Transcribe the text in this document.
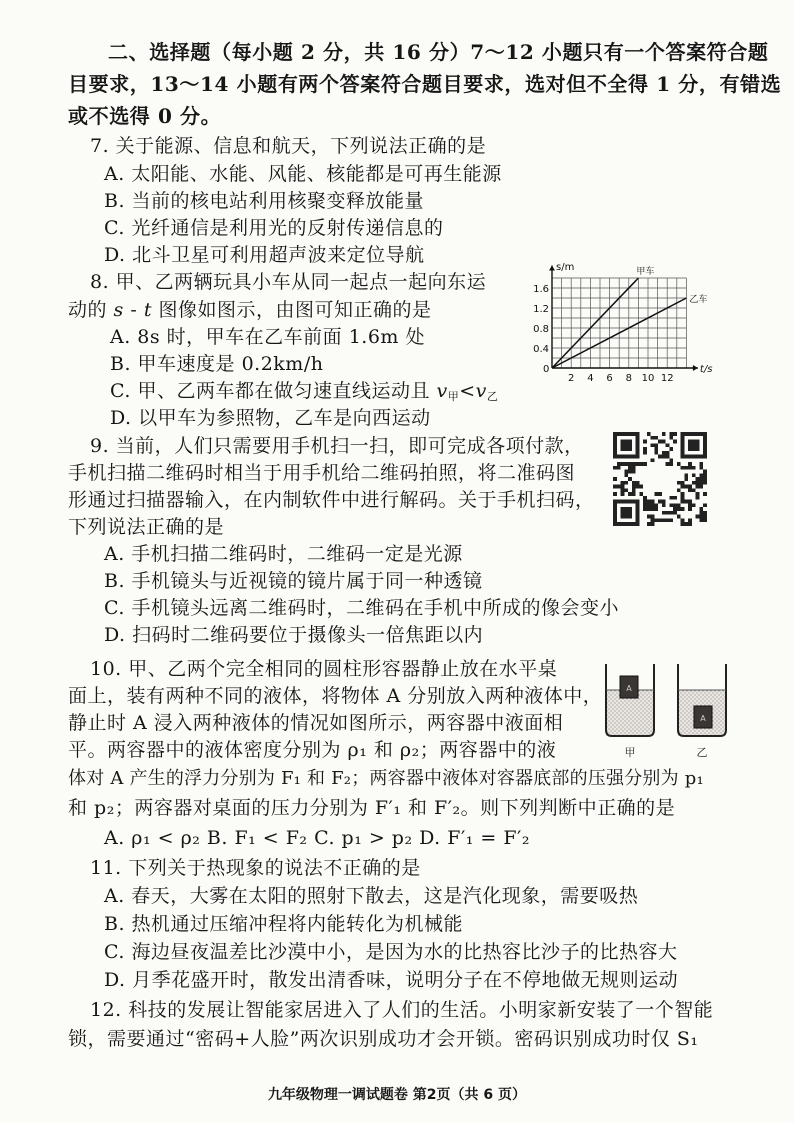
二、选择题（每小题 2 分，共 16 分）7～12 小题只有一个答案符合题
目要求，13～14 小题有两个答案符合题目要求，选对但不全得 1 分，有错选
或不选得 0 分。
7. 关于能源、信息和航天，下列说法正确的是
A. 太阳能、水能、风能、核能都是可再生能源
B. 当前的核电站利用核聚变释放能量
C. 光纤通信是利用光的反射传递信息的
D. 北斗卫星可利用超声波来定位导航
8. 甲、乙两辆玩具小车从同一起点一起向东运
动的 s - t 图像如图示，由图可知正确的是
A. 8s 时，甲车在乙车前面 1.6m 处
B. 甲车速度是 0.2km/h
C. 甲、乙两车都在做匀速直线运动且 $v_甲<v_乙$
D. 以甲车为参照物，乙车是向西运动
s/m
t/s
0
2 4 6 8 10 12
0.4
0.8
1.2
1.6
甲车
乙车
9. 当前，人们只需要用手机扫一扫，即可完成各项付款，
手机扫描二维码时相当于用手机给二维码拍照，将二准码图
形通过扫描器输入，在内制软件中进行解码。关于手机扫码，
下列说法正确的是
A. 手机扫描二维码时，二维码一定是光源
B. 手机镜头与近视镜的镜片属于同一种透镜
C. 手机镜头远离二维码时，二维码在手机中所成的像会变小
D. 扫码时二维码要位于摄像头一倍焦距以内
10. 甲、乙两个完全相同的圆柱形容器静止放在水平桌
面上，装有两种不同的液体，将物体 A 分别放入两种液体中，
静止时 A 浸入两种液体的情况如图所示，两容器中液面相
平。两容器中的液体密度分别为 ρ₁ 和 ρ₂；两容器中的液
体对 A 产生的浮力分别为 F₁ 和 F₂；两容器中液体对容器底部的压强分别为 p₁
和 p₂；两容器对桌面的压力分别为 F′₁ 和 F′₂。则下列判断中正确的是
A. ρ₁ < ρ₂ B. F₁ < F₂ C. p₁ > p₂ D. F′₁ = F′₂
A
A
甲	乙
11. 下列关于热现象的说法不正确的是
A. 春天，大雾在太阳的照射下散去，这是汽化现象，需要吸热
B. 热机通过压缩冲程将内能转化为机械能
C. 海边昼夜温差比沙漠中小，是因为水的比热容比沙子的比热容大
D. 月季花盛开时，散发出清香味，说明分子在不停地做无规则运动
12. 科技的发展让智能家居进入了人们的生活。小明家新安装了一个智能
锁，需要通过“密码+人脸”两次识别成功才会开锁。密码识别成功时仅 S₁
九年级物理一调试题卷 第2页（共 6 页）
